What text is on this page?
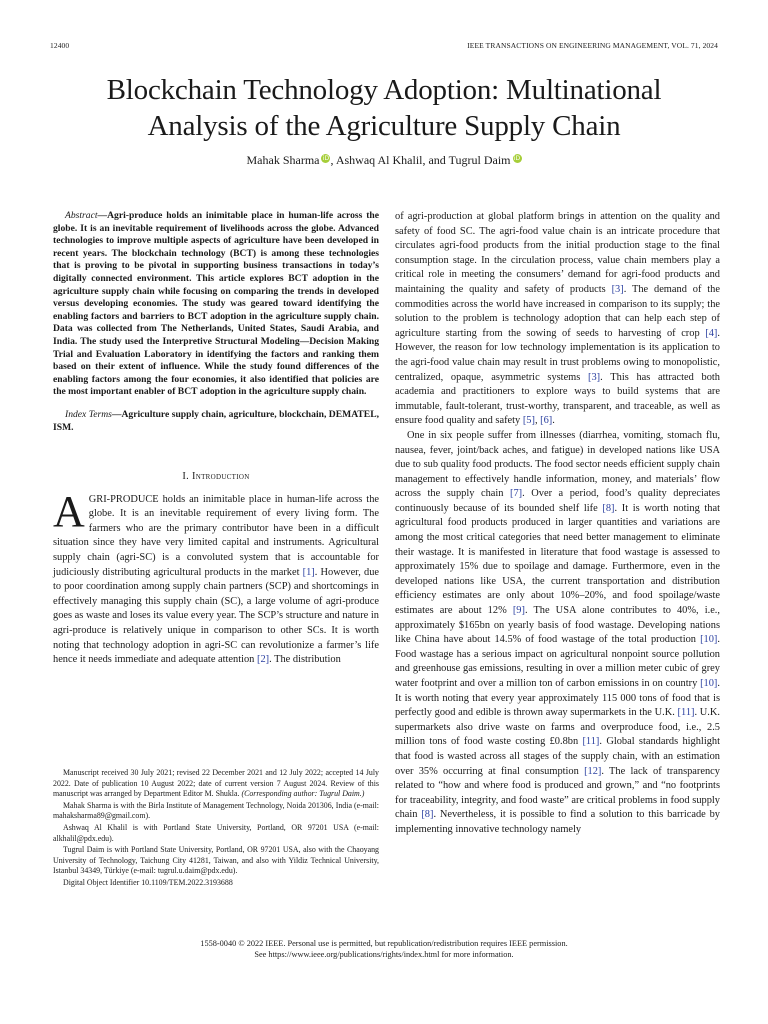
12400	IEEE TRANSACTIONS ON ENGINEERING MANAGEMENT, VOL. 71, 2024
Blockchain Technology Adoption: Multinational
Analysis of the Agriculture Supply Chain
Mahak Sharma iD, Ashwaq Al Khalil, and Tugrul Daim iD

Abstract—Agri-produce holds an inimitable place in human-life across the globe. It is an inevitable requirement of livelihoods across the globe. Advanced technologies to improve multiple aspects of agriculture have been developed in recent years. The blockchain technology (BCT) is among these technologies that is proving to be pivotal in supporting business transactions in today’s digitally connected environment. This article explores BCT adoption in the agriculture supply chain while focusing on comparing the trends in developed versus developing economies. The study was geared toward identifying the enabling factors and barriers to BCT adoption in the agriculture supply chain. Data was collected from The Netherlands, United States, Saudi Arabia, and India. The study used the Interpretive Structural Modeling—Decision Making Trial and Evaluation Laboratory in identifying the factors and ranking them based on their extent of influence. While the study found differences of the enabling factors among the four economies, it also identified that policies are the most important enabler of BCT adoption in the agriculture supply chain.

Index Terms—Agriculture supply chain, agriculture, blockchain, DEMATEL, ISM.

I. Introduction

AGRI-PRODUCE holds an inimitable place in human-life across the globe. It is an inevitable requirement of every living form. The farmers who are the primary contributor have been in a difficult situation since they have very limited capital and instruments. Agricultural supply chain (agri-SC) is a convoluted system that is accountable for judiciously distributing agricultural products in the market [1]. However, due to poor coordination among supply chain partners (SCP) and shortcomings in effectively managing this supply chain (SC), a large volume of agri-produce goes as waste and loses its value every year. The SCP’s structure and nature in agri-produce is relatively unique in comparison to other SCs. It is worth noting that technology adoption in agri-SC can revolutionize a farmer’s life hence it needs immediate and adequate attention [2]. The distribution

of agri-production at global platform brings in attention on the quality and safety of food SC. The agri-food value chain is an intricate procedure that circulates agri-food products from the initial production stage to the final consumption stage. In the circulation process, value chain members play a critical role in meeting the consumers’ demand for agri-food products and maintaining the quality and safety of products [3]. The demand of the commodities across the world have increased in comparison to its supply; the solution to the problem is technology adoption that can help each step of agriculture starting from the sowing of seeds to harvesting of crop [4]. However, the reason for low technology implementation is its application to the agri-food value chain may result in trust problems owing to monopolistic, centralized, opaque, asymmetric systems [3]. This has attracted both academia and practitioners to explore ways to build systems that are immutable, fault-tolerant, trust-worthy, transparent, and traceable, as well as ensure food quality and safety [5], [6].

One in six people suffer from illnesses (diarrhea, vomiting, stomach flu, nausea, fever, joint/back aches, and fatigue) in developed nations like USA due to sub quality food products. The food sector needs efficient supply chain management to effectively handle information, money, and materials’ flow across the supply chain [7]. Over a period, food’s quality depreciates continuously because of its bounded shelf life [8]. It is worth noting that agricultural food products produced in larger quantities and variations are among the most critical categories that need better management to eliminate their wastage. It is manifested in literature that food wastage is assessed to approximately 15% due to spoilage and damage. Furthermore, even in the developed nations like USA, the current transportation and distribution efficiency estimates are only about 10%–20%, and food spoilage/waste estimates are about 12% [9]. The USA alone contributes to 40%, i.e., approximately $165bn on yearly basis of food wastage. Developing nations like China have about 14.5% of food wastage of the total production [10]. Food wastage has a serious impact on agricultural nonpoint source pollution and greenhouse gas emissions, resulting in over a million meter cubic of grey water footprint and over a million ton of carbon emissions in on country [10]. It is worth noting that every year approximately 115 000 tons of food that is perfectly good and edible is thrown away supermarkets in the U.K. [11]. U.K. supermarkets also drive waste on farms and overproduce food, i.e., 2.5 million tons of food waste costing £0.8bn [11]. Global standards highlight that food is wasted across all stages of the supply chain, with an estimation over 35% occurring at final consumption [12]. The lack of transparency related to “how and where food is produced and grown,” and “no footprints for traceability, integrity, and food waste” are critical problems in food supply chain [8]. Nevertheless, it is possible to find a solution to this barricade by implementing innovative technology namely

Manuscript received 30 July 2021; revised 22 December 2021 and 12 July 2022; accepted 14 July 2022. Date of publication 10 August 2022; date of current version 7 August 2024. Review of this manuscript was arranged by Department Editor M. Shukla. (Corresponding author: Tugrul Daim.)

Mahak Sharma is with the Birla Institute of Management Technology, Noida 201306, India (e-mail: mahaksharma89@gmail.com).

Ashwaq Al Khalil is with Portland State University, Portland, OR 97201 USA (e-mail: alkhalil@pdx.edu).

Tugrul Daim is with Portland State University, Portland, OR 97201 USA, also with the Chaoyang University of Technology, Taichung City 41281, Taiwan, and also with Yildiz Technical University, Istanbul 34349, Türkiye (e-mail: tugrul.u.daim@pdx.edu).

Digital Object Identifier 10.1109/TEM.2022.3193688

1558-0040 © 2022 IEEE. Personal use is permitted, but republication/redistribution requires IEEE permission.
See https://www.ieee.org/publications/rights/index.html for more information.
